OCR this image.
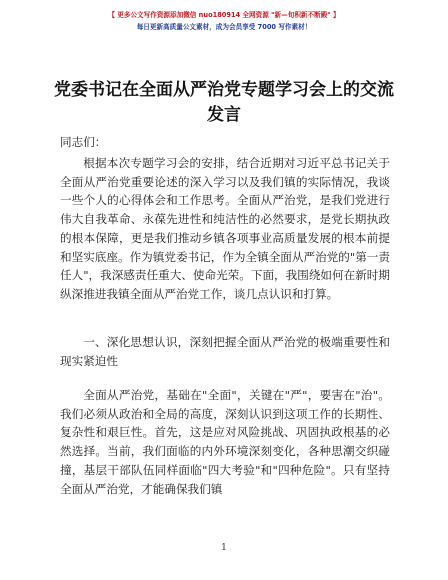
【 更多公文写作资源添加微信 nuo180914 全网资源 "新—旬积新不断殿" 】
每日更新高质量公文素材，成为会员享受 7000 写作素材！
党委书记在全面从严治党专题学习会上的交流
发言
同志们：

根据本次专题学习会的安排，结合近期对习近平总书记关于全面从严治党重要论述的深入学习以及我们镇的实际情况，我谈一些个人的心得体会和工作思考。全面从严治党，是我们党进行伟大自我革命、永葆先进性和纯洁性的必然要求，是党长期执政的根本保障，更是我们推动乡镇各项事业高质量发展的根本前提和坚实底座。作为镇党委书记，作为全镇全面从严治党的"第一责任人"，我深感责任重大、使命光荣。下面，我围绕如何在新时期纵深推进我镇全面从严治党工作，谈几点认识和打算。

一、深化思想认识，深刻把握全面从严治党的极端重要性和现实紧迫性

全面从严治党，基础在"全面"，关键在"严"，要害在"治"。我们必须从政治和全局的高度，深刻认识到这项工作的长期性、复杂性和艰巨性。首先，这是应对风险挑战、巩固执政根基的必然选择。当前，我们面临的内外环境深刻变化，各种思潮交织碰撞，基层干部队伍同样面临"四大考验"和"四种危险"。只有坚持全面从严治党，才能确保我们镇

1
